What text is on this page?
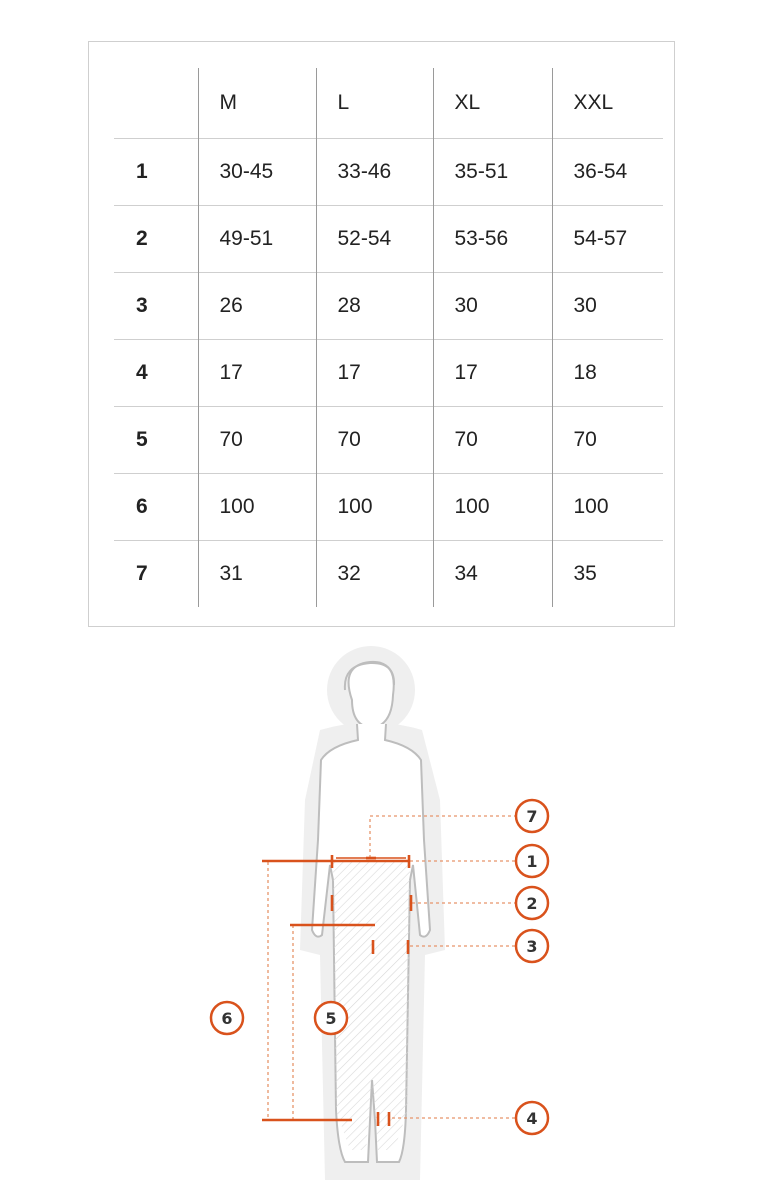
	M	L	XL	XXL
1	30-45	33-46	35-51	36-54
2	49-51	52-54	53-56	54-57
3	26	28	30	30
4	17	17	17	18
5	70	70	70	70
6	100	100	100	100
7	31	32	34	35
7
1
2
3
6	5
4
